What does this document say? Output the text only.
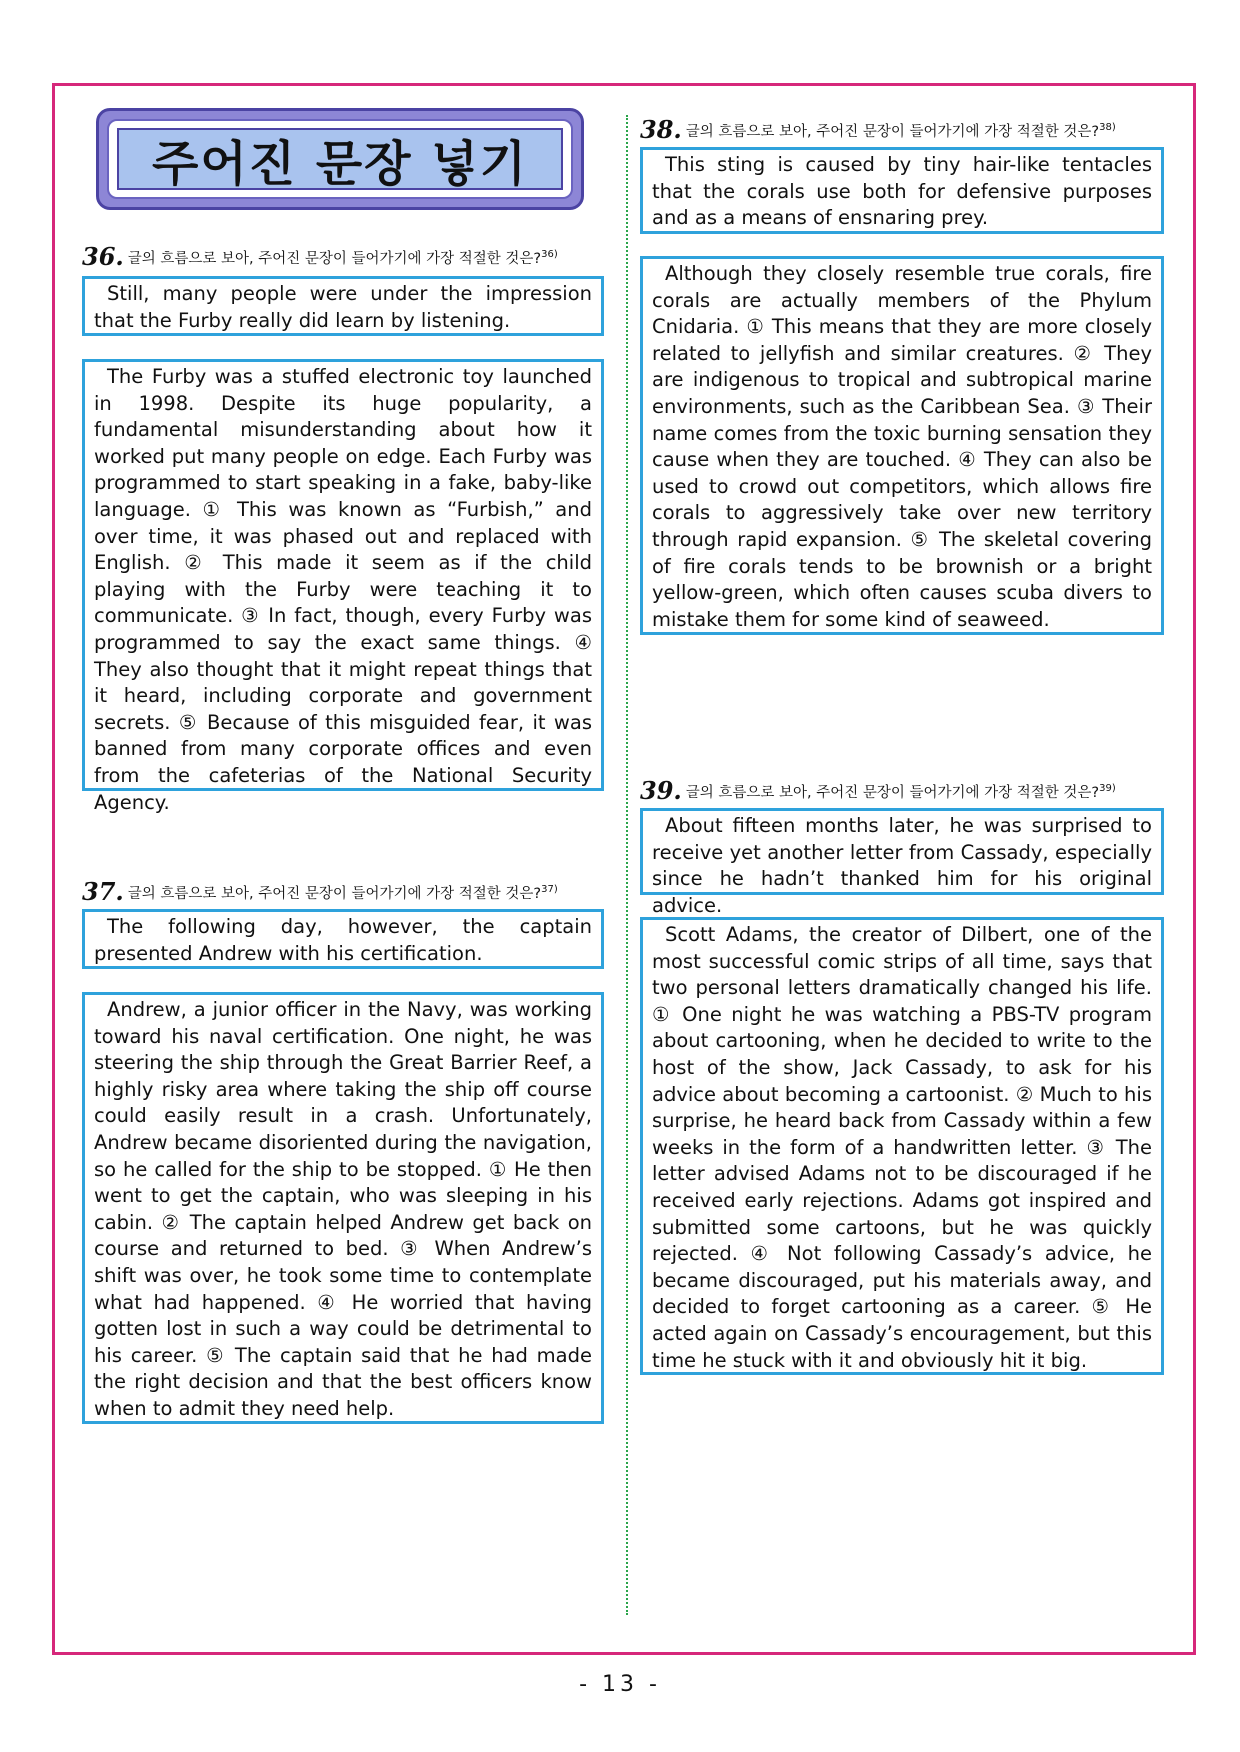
주어진 문장 넣기
36. 글의 흐름으로 보아, 주어진 문장이 들어가기에 가장 적절한 것은?$^{36)}$
Still, many people were under the impression that the Furby really did learn by listening.
The Furby was a stuffed electronic toy launched in 1998. Despite its huge popularity, a fundamental misunderstanding about how it worked put many people on edge. Each Furby was programmed to start speaking in a fake, baby-like language. ① This was known as “Furbish,” and over time, it was phased out and replaced with English. ② This made it seem as if the child playing with the Furby were teaching it to communicate. ③ In fact, though, every Furby was programmed to say the exact same things. ④ They also thought that it might repeat things that it heard, including corporate and government secrets. ⑤ Because of this misguided fear, it was banned from many corporate offices and even from the cafeterias of the National Security Agency.
37. 글의 흐름으로 보아, 주어진 문장이 들어가기에 가장 적절한 것은?$^{37)}$
The following day, however, the captain presented Andrew with his certification.
Andrew, a junior officer in the Navy, was working toward his naval certification. One night, he was steering the ship through the Great Barrier Reef, a highly risky area where taking the ship off course could easily result in a crash. Unfortunately, Andrew became disoriented during the navigation, so he called for the ship to be stopped. ① He then went to get the captain, who was sleeping in his cabin. ② The captain helped Andrew get back on course and returned to bed. ③ When Andrew’s shift was over, he took some time to contemplate what had happened. ④ He worried that having gotten lost in such a way could be detrimental to his career. ⑤ The captain said that he had made the right decision and that the best officers know when to admit they need help.
38. 글의 흐름으로 보아, 주어진 문장이 들어가기에 가장 적절한 것은?$^{38)}$
This sting is caused by tiny hair-like tentacles that the corals use both for defensive purposes and as a means of ensnaring prey.
Although they closely resemble true corals, fire corals are actually members of the Phylum Cnidaria. ① This means that they are more closely related to jellyfish and similar creatures. ② They are indigenous to tropical and subtropical marine environments, such as the Caribbean Sea. ③ Their name comes from the toxic burning sensation they cause when they are touched. ④ They can also be used to crowd out competitors, which allows fire corals to aggressively take over new territory through rapid expansion. ⑤ The skeletal covering of fire corals tends to be brownish or a bright yellow-green, which often causes scuba divers to mistake them for some kind of seaweed.
39. 글의 흐름으로 보아, 주어진 문장이 들어가기에 가장 적절한 것은?$^{39)}$
About fifteen months later, he was surprised to receive yet another letter from Cassady, especially since he hadn’t thanked him for his original advice.
Scott Adams, the creator of Dilbert, one of the most successful comic strips of all time, says that two personal letters dramatically changed his life. ① One night he was watching a PBS-TV program about cartooning, when he decided to write to the host of the show, Jack Cassady, to ask for his advice about becoming a cartoonist. ② Much to his surprise, he heard back from Cassady within a few weeks in the form of a handwritten letter. ③ The letter advised Adams not to be discouraged if he received early rejections. Adams got inspired and submitted some cartoons, but he was quickly rejected. ④ Not following Cassady’s advice, he became discouraged, put his materials away, and decided to forget cartooning as a career. ⑤ He acted again on Cassady’s encouragement, but this time he stuck with it and obviously hit it big.
- 13 -
